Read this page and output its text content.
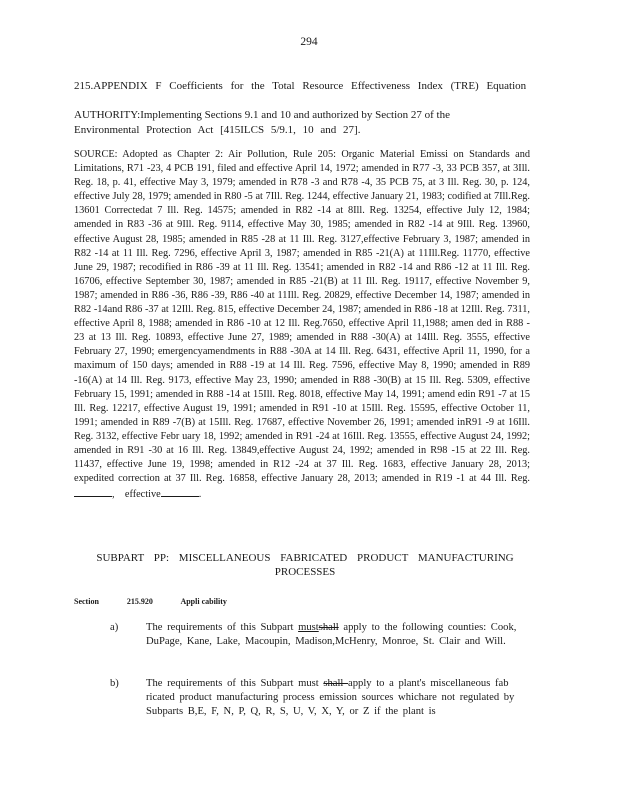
294
215.APPENDIX F Coefficients for the Total Resource Effectiveness Index (TRE) Equation
AUTHORITY:Implementing Sections 9.1 and 10 and authorized by Section 27 of the
Environmental Protection Act [415ILCS 5/9.1, 10 and 27].
SOURCE: Adopted as Chapter 2: Air Pollution, Rule 205: Organic Material Emissi on Standards and Limitations, R71 -23, 4 PCB 191, filed and effective April 14, 1972; amended in R77 -3, 33 PCB 357, at 3Ill. Reg. 18, p. 41, effective May 3, 1979; amended in R78 -3 and R78 -4, 35 PCB 75, at 3 Ill. Reg. 30, p. 124, effective July 28, 1979; amended in R80 -5 at 7Ill. Reg. 1244, effective January 21, 1983; codified at 7Ill.Reg. 13601 Correctedat 7 Ill. Reg. 14575; amended in R82 -14 at 8Ill. Reg. 13254, effective July 12, 1984; amended in R83 -36 at 9Ill. Reg. 9114, effective May 30, 1985; amended in R82 -14 at 9Ill. Reg. 13960, effective August 28, 1985; amended in R85 -28 at 11 Ill. Reg. 3127,effective February 3, 1987; amended in R82 -14 at 11 Ill. Reg. 7296, effective April 3, 1987; amended in R85 -21(A) at 11Ill.Reg. 11770, effective June 29, 1987; recodified in R86 -39 at 11 Ill. Reg. 13541; amended in R82 -14 and R86 -12 at 11 Ill. Reg. 16706, effective September 30, 1987; amended in R85 -21(B) at 11 Ill. Reg. 19117, effective November 9, 1987; amended in R86 -36, R86 -39, R86 -40 at 11Ill. Reg. 20829, effective December 14, 1987; amended in R82 -14and R86 -37 at 12Ill. Reg. 815, effective December 24, 1987; amended in R86 -18 at 12Ill. Reg. 7311, effective April 8, 1988; amended in R86 -10 at 12 Ill. Reg.7650, effective April 11,1988; amen ded in R88 - 23 at 13 Ill. Reg. 10893, effective June 27, 1989; amended in R88 -30(A) at 14Ill. Reg. 3555, effective February 27, 1990; emergencyamendments in R88 -30A at 14 Ill. Reg. 6431, effective April 11, 1990, for a maximum of 150 days; amended in R88 -19 at 14 Ill. Reg. 7596, effective May 8, 1990; amended in R89 -16(A) at 14 Ill. Reg. 9173, effective May 23, 1990; amended in R88 -30(B) at 15 Ill. Reg. 5309, effective February 15, 1991; amended in R88 -14 at 15Ill. Reg. 8018, effective May 14, 1991; amend edin R91 -7 at 15 Ill. Reg. 12217, effective August 19, 1991; amended in R91 -10 at 15Ill. Reg. 15595, effective October 11, 1991; amended in R89 -7(B) at 15Ill. Reg. 17687, effective November 26, 1991; amended inR91 -9 at 16Ill. Reg. 3132, effective Febr uary 18, 1992; amended in R91 -24 at 16Ill. Reg. 13555, effective August 24, 1992; amended in R91 -30 at 16 Ill. Reg. 13849,effective August 24, 1992; amended in R98 -15 at 22 Ill. Reg. 11437, effective June 19, 1998; amended in R12 -24 at 37 Ill. Reg. 1683, effective January 28, 2013; expedited correction at 37 Ill. Reg. 16858, effective January 28, 2013; amended in R19 -1 at 44 Ill. Reg., effective	.
SUBPART PP: MISCELLANEOUS FABRICATED PRODUCT MANUFACTURING
PROCESSES
Section	215.920	Appli cability
a)	The requirements of this Subpart mustshall apply to the following counties: Cook, DuPage, Kane, Lake, Macoupin, Madison,McHenry, Monroe, St. Clair and Will.
b)	The requirements of this Subpart must shall apply to a plant's miscellaneous fab ricated product manufacturing process emission sources whichare not regulated by Subparts B,E, F, N, P, Q, R, S, U, V, X, Y, or Z if the plant is
